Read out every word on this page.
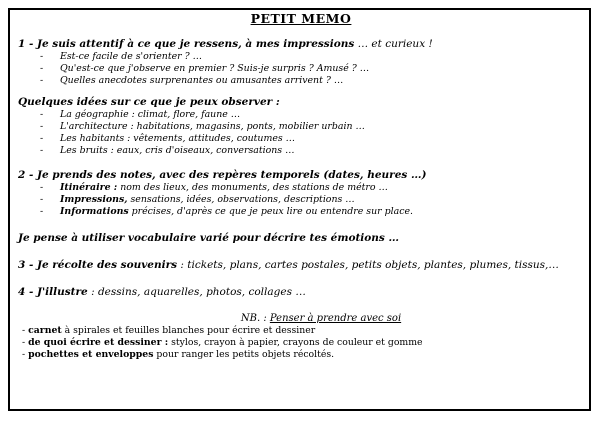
PETIT MEMO

1 - Je suis attentif à ce que je ressens, à mes impressions … et curieux !

- Est-ce facile de s'orienter ? …
- Qu'est-ce que j'observe en premier ? Suis-je surpris ? Amusé ? …
- Quelles anecdotes surprenantes ou amusantes arrivent ? …

Quelques idées sur ce que je peux observer :

- La géographie : climat, flore, faune …
- L'architecture : habitations, magasins, ponts, mobilier urbain …
- Les habitants : vêtements, attitudes, coutumes …
- Les bruits : eaux, cris d'oiseaux, conversations …

2 - Je prends des notes, avec des repères temporels (dates, heures …)

- Itinéraire : nom des lieux, des monuments, des stations de métro …
- Impressions, sensations, idées, observations, descriptions …
- Informations précises, d'après ce que je peux lire ou entendre sur place.

Je pense à utiliser vocabulaire varié pour décrire tes émotions …

3 - Je récolte des souvenirs : tickets, plans, cartes postales, petits objets, plantes, plumes, tissus,…

4 - J'illustre : dessins, aquarelles, photos, collages …

NB. : Penser à prendre avec soi
- carnet à spirales et feuilles blanches pour écrire et dessiner
- de quoi écrire et dessiner : stylos, crayon à papier, crayons de couleur et gomme
- pochettes et enveloppes pour ranger les petits objets récoltés.
